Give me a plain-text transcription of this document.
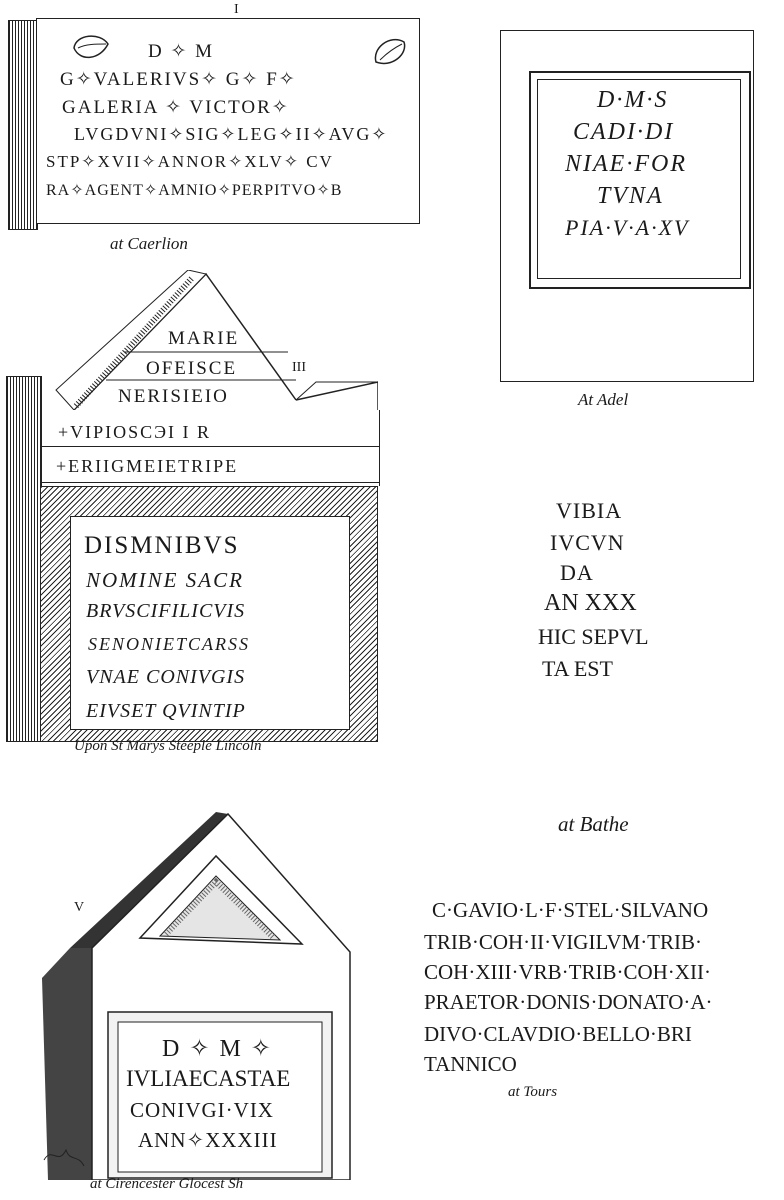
I
D ✧ M
G✧VALERIVS✧ G✧ F✧
GALERIA ✧ VICTOR✧
LVGDVNI✧SIG✧LEG✧II✧AVG✧
STP✧XVII✧ANNOR✧XLV✧ CV
RA✧AGENT✧AMNIO✧PERPITVO✧B
at Caerlion
D·M·S
CADI·DI
NIAE·FOR
TVNA
PIA·V·A·XV
At Adel
III
MARIE
OFEISCE
NERISIEIO
+VIPIOSCЭI I R
+ERIIGMEIETRIPE
DISMNIBVS
NOMINE SACR
BRVSCIFILICVIS
SENONIETCARSS
VNAE CONIVGIS
EIVSET QVINTIP
Upon St Marys Steeple Lincoln
VIBIA
IVCVN
DA
AN XXX
HIC SEPVL
TA EST
at Bathe
V
D ✧ M ✧
IVLIAECASTAE
CONIVGI·VIX
ANN✧XXXIII
at Cirencester Glocest Sh
C·GAVIO·L·F·STEL·SILVANO
TRIB·COH·II·VIGILVM·TRIB·
COH·XIII·VRB·TRIB·COH·XII·
PRAETOR·DONIS·DONATO·A·
DIVO·CLAVDIO·BELLO·BRI
TANNICO
at Tours
